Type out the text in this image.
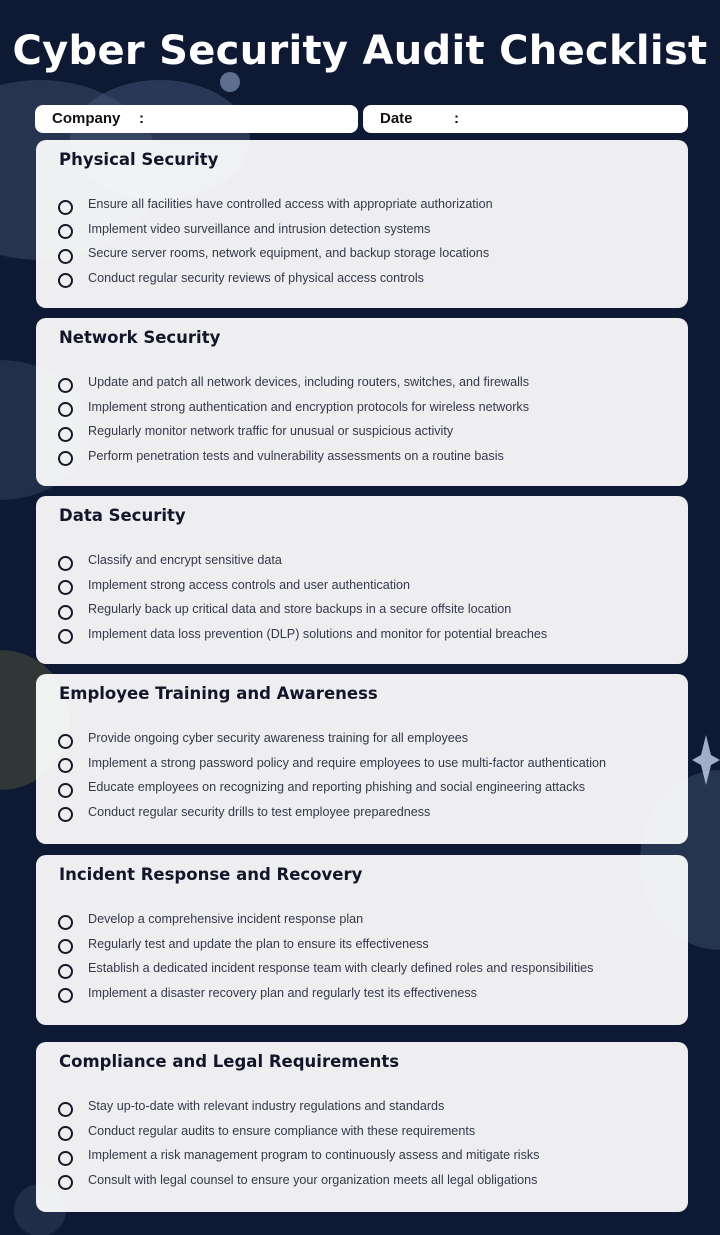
Cyber Security Audit Checklist
Company :	Date	:
Physical Security
Ensure all facilities have controlled access with appropriate authorization
Implement video surveillance and intrusion detection systems
Secure server rooms, network equipment, and backup storage locations
Conduct regular security reviews of physical access controls
Network Security
Update and patch all network devices, including routers, switches, and firewalls
Implement strong authentication and encryption protocols for wireless networks
Regularly monitor network traffic for unusual or suspicious activity
Perform penetration tests and vulnerability assessments on a routine basis
Data Security
Classify and encrypt sensitive data
Implement strong access controls and user authentication
Regularly back up critical data and store backups in a secure offsite location
Implement data loss prevention (DLP) solutions and monitor for potential breaches
Employee Training and Awareness
Provide ongoing cyber security awareness training for all employees
Implement a strong password policy and require employees to use multi-factor authentication
Educate employees on recognizing and reporting phishing and social engineering attacks
Conduct regular security drills to test employee preparedness
Incident Response and Recovery
Develop a comprehensive incident response plan
Regularly test and update the plan to ensure its effectiveness
Establish a dedicated incident response team with clearly defined roles and responsibilities
Implement a disaster recovery plan and regularly test its effectiveness
Compliance and Legal Requirements
Stay up-to-date with relevant industry regulations and standards
Conduct regular audits to ensure compliance with these requirements
Implement a risk management program to continuously assess and mitigate risks
Consult with legal counsel to ensure your organization meets all legal obligations
